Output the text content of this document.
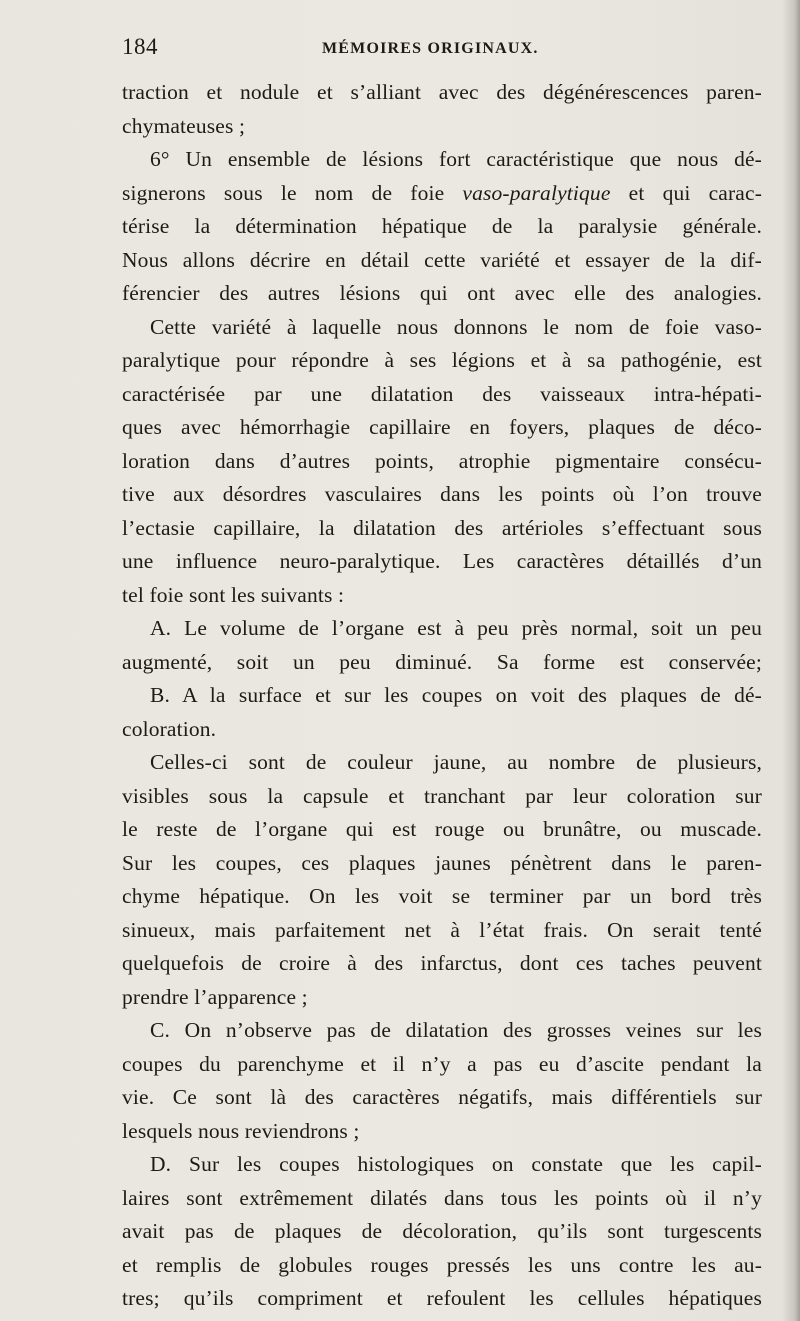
184	MÉMOIRES ORIGINAUX.
traction et nodule et s’alliant avec des dégénérescences paren-
chymateuses ;
6° Un ensemble de lésions fort caractéristique que nous dé-
signerons sous le nom de foie vaso-paralytique et qui carac-
térise la détermination hépatique de la paralysie générale.
Nous allons décrire en détail cette variété et essayer de la dif-
férencier des autres lésions qui ont avec elle des analogies.
Cette variété à laquelle nous donnons le nom de foie vaso-
paralytique pour répondre à ses légions et à sa pathogénie, est
caractérisée par une dilatation des vaisseaux intra-hépati-
ques avec hémorrhagie capillaire en foyers, plaques de déco-
loration dans d’autres points, atrophie pigmentaire consécu-
tive aux désordres vasculaires dans les points où l’on trouve
l’ectasie capillaire, la dilatation des artérioles s’effectuant sous
une influence neuro-paralytique. Les caractères détaillés d’un
tel foie sont les suivants :
A. Le volume de l’organe est à peu près normal, soit un peu
augmenté, soit un peu diminué. Sa forme est conservée;
B. A la surface et sur les coupes on voit des plaques de dé-
coloration.
Celles-ci sont de couleur jaune, au nombre de plusieurs,
visibles sous la capsule et tranchant par leur coloration sur
le reste de l’organe qui est rouge ou brunâtre, ou muscade.
Sur les coupes, ces plaques jaunes pénètrent dans le paren-
chyme hépatique. On les voit se terminer par un bord très
sinueux, mais parfaitement net à l’état frais. On serait tenté
quelquefois de croire à des infarctus, dont ces taches peuvent
prendre l’apparence ;
C. On n’observe pas de dilatation des grosses veines sur les
coupes du parenchyme et il n’y a pas eu d’ascite pendant la
vie. Ce sont là des caractères négatifs, mais différentiels sur
lesquels nous reviendrons ;
D. Sur les coupes histologiques on constate que les capil-
laires sont extrêmement dilatés dans tous les points où il n’y
avait pas de plaques de décoloration, qu’ils sont turgescents
et remplis de globules rouges pressés les uns contre les au-
tres; qu’ils compriment et refoulent les cellules hépatiques
